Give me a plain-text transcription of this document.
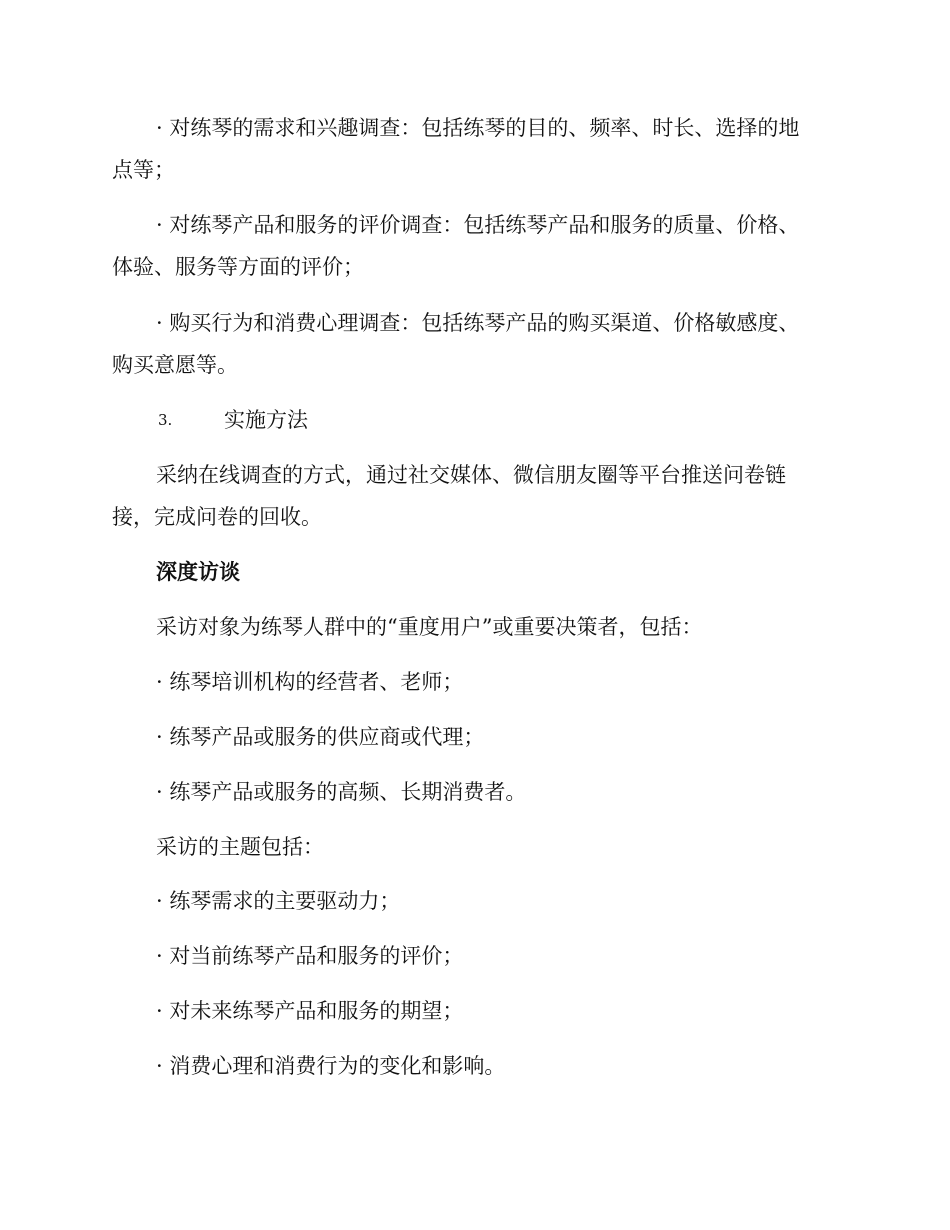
· 对练琴的需求和兴趣调查：包括练琴的目的、频率、时长、选择的地
点等；
· 对练琴产品和服务的评价调查：包括练琴产品和服务的质量、价格、
体验、服务等方面的评价；
· 购买行为和消费心理调查：包括练琴产品的购买渠道、价格敏感度、
购买意愿等。
3. 实施方法
采纳在线调查的方式，通过社交媒体、微信朋友圈等平台推送问卷链
接，完成问卷的回收。
深度访谈
采访对象为练琴人群中的“重度用户”或重要决策者，包括：
· 练琴培训机构的经营者、老师；
· 练琴产品或服务的供应商或代理；
· 练琴产品或服务的高频、长期消费者。
采访的主题包括：
· 练琴需求的主要驱动力；
· 对当前练琴产品和服务的评价；
· 对未来练琴产品和服务的期望；
· 消费心理和消费行为的变化和影响。
